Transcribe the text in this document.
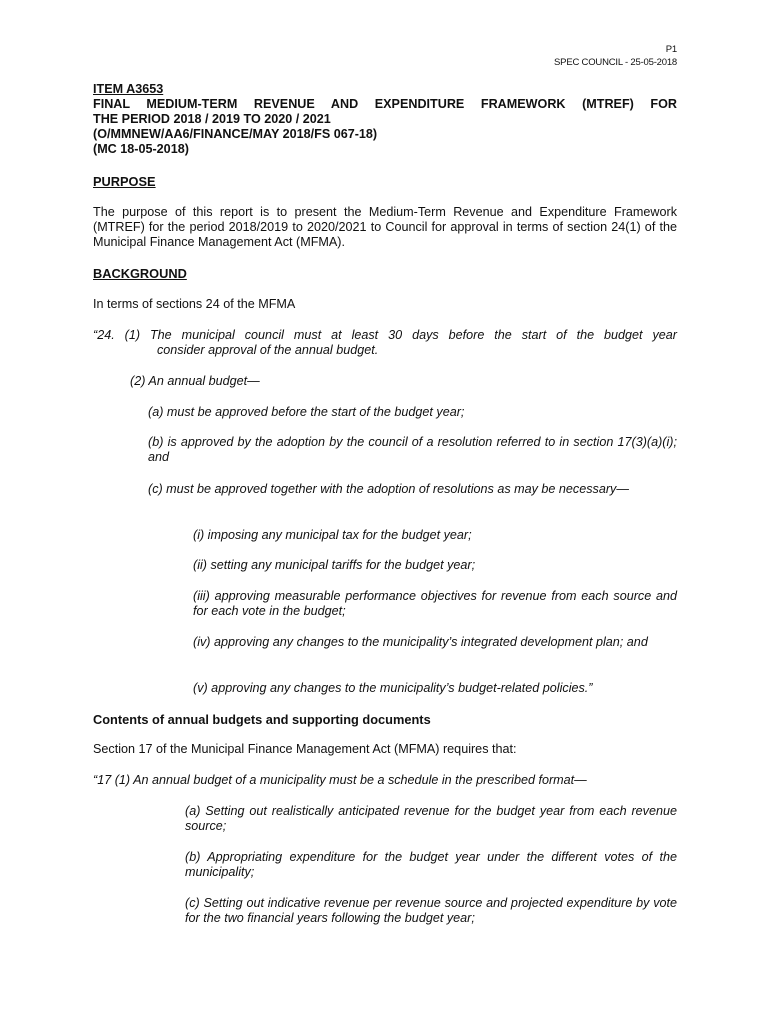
P1
SPEC COUNCIL - 25-05-2018
ITEM A3653
FINAL MEDIUM-TERM REVENUE AND EXPENDITURE FRAMEWORK (MTREF) FOR
THE PERIOD 2018 / 2019 TO 2020 / 2021
(O/MMNEW/AA6/FINANCE/MAY 2018/FS 067-18)
(MC 18-05-2018)
PURPOSE
The purpose of this report is to present the Medium-Term Revenue and Expenditure Framework (MTREF) for the period 2018/2019 to 2020/2021 to Council for approval in terms of section 24(1) of the Municipal Finance Management Act (MFMA).
BACKGROUND
In terms of sections 24 of the MFMA
“24. (1) The municipal council must at least 30 days before the start of the budget year
consider approval of the annual budget.
(2) An annual budget—
(a) must be approved before the start of the budget year;
(b) is approved by the adoption by the council of a resolution referred to in section 17(3)(a)(i); and
(c) must be approved together with the adoption of resolutions as may be necessary—
(i) imposing any municipal tax for the budget year;
(ii) setting any municipal tariffs for the budget year;
(iii) approving measurable performance objectives for revenue from each source and for each vote in the budget;
(iv) approving any changes to the municipality’s integrated development plan; and
(v) approving any changes to the municipality’s budget-related policies.”
Contents of annual budgets and supporting documents
Section 17 of the Municipal Finance Management Act (MFMA) requires that:
“17 (1) An annual budget of a municipality must be a schedule in the prescribed format—
(a) Setting out realistically anticipated revenue for the budget year from each revenue source;
(b) Appropriating expenditure for the budget year under the different votes of the municipality;
(c) Setting out indicative revenue per revenue source and projected expenditure by vote for the two financial years following the budget year;
